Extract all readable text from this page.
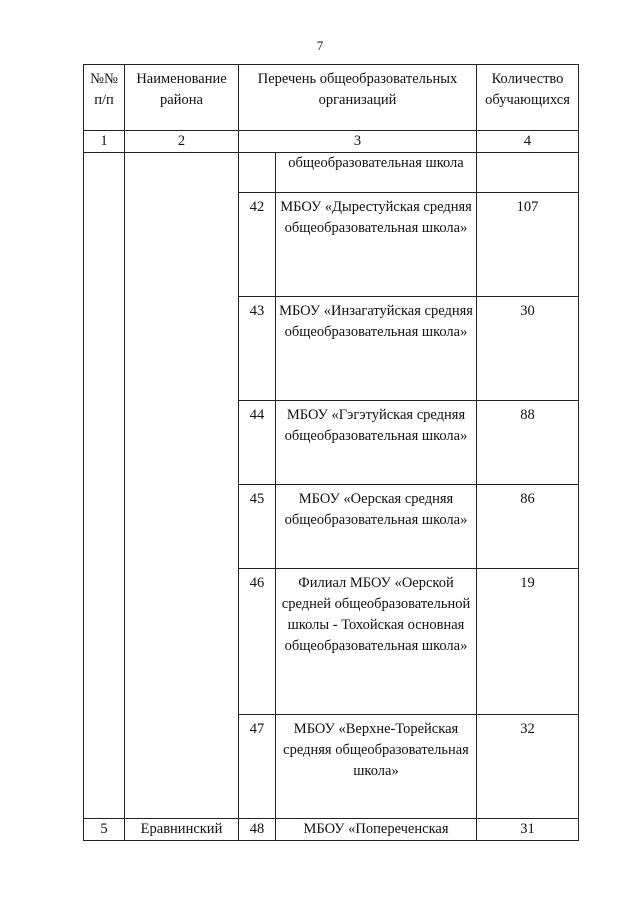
7
№№ п/п	Наименование района	Перечень общеобразовательных организаций		Количество обучающихся
1	2	3		4
			общеобразовательная школа	
		42	МБОУ «Дырестуйская средняя общеобразовательная школа»	107
		43	МБОУ «Инзагатуйская средняя общеобразовательная школа»	30
		44	МБОУ «Гэгэтуйская средняя общеобразовательная школа»	88
		45	МБОУ «Оерская средняя общеобразовательная школа»	86
		46	Филиал МБОУ «Оерской средней общеобразовательной школы - Тохойская основная общеобразовательная школа»	19
		47	МБОУ «Верхне-Торейская средняя общеобразовательная школа»	32
5	Еравнинский	48	МБОУ «Попереченская	31
